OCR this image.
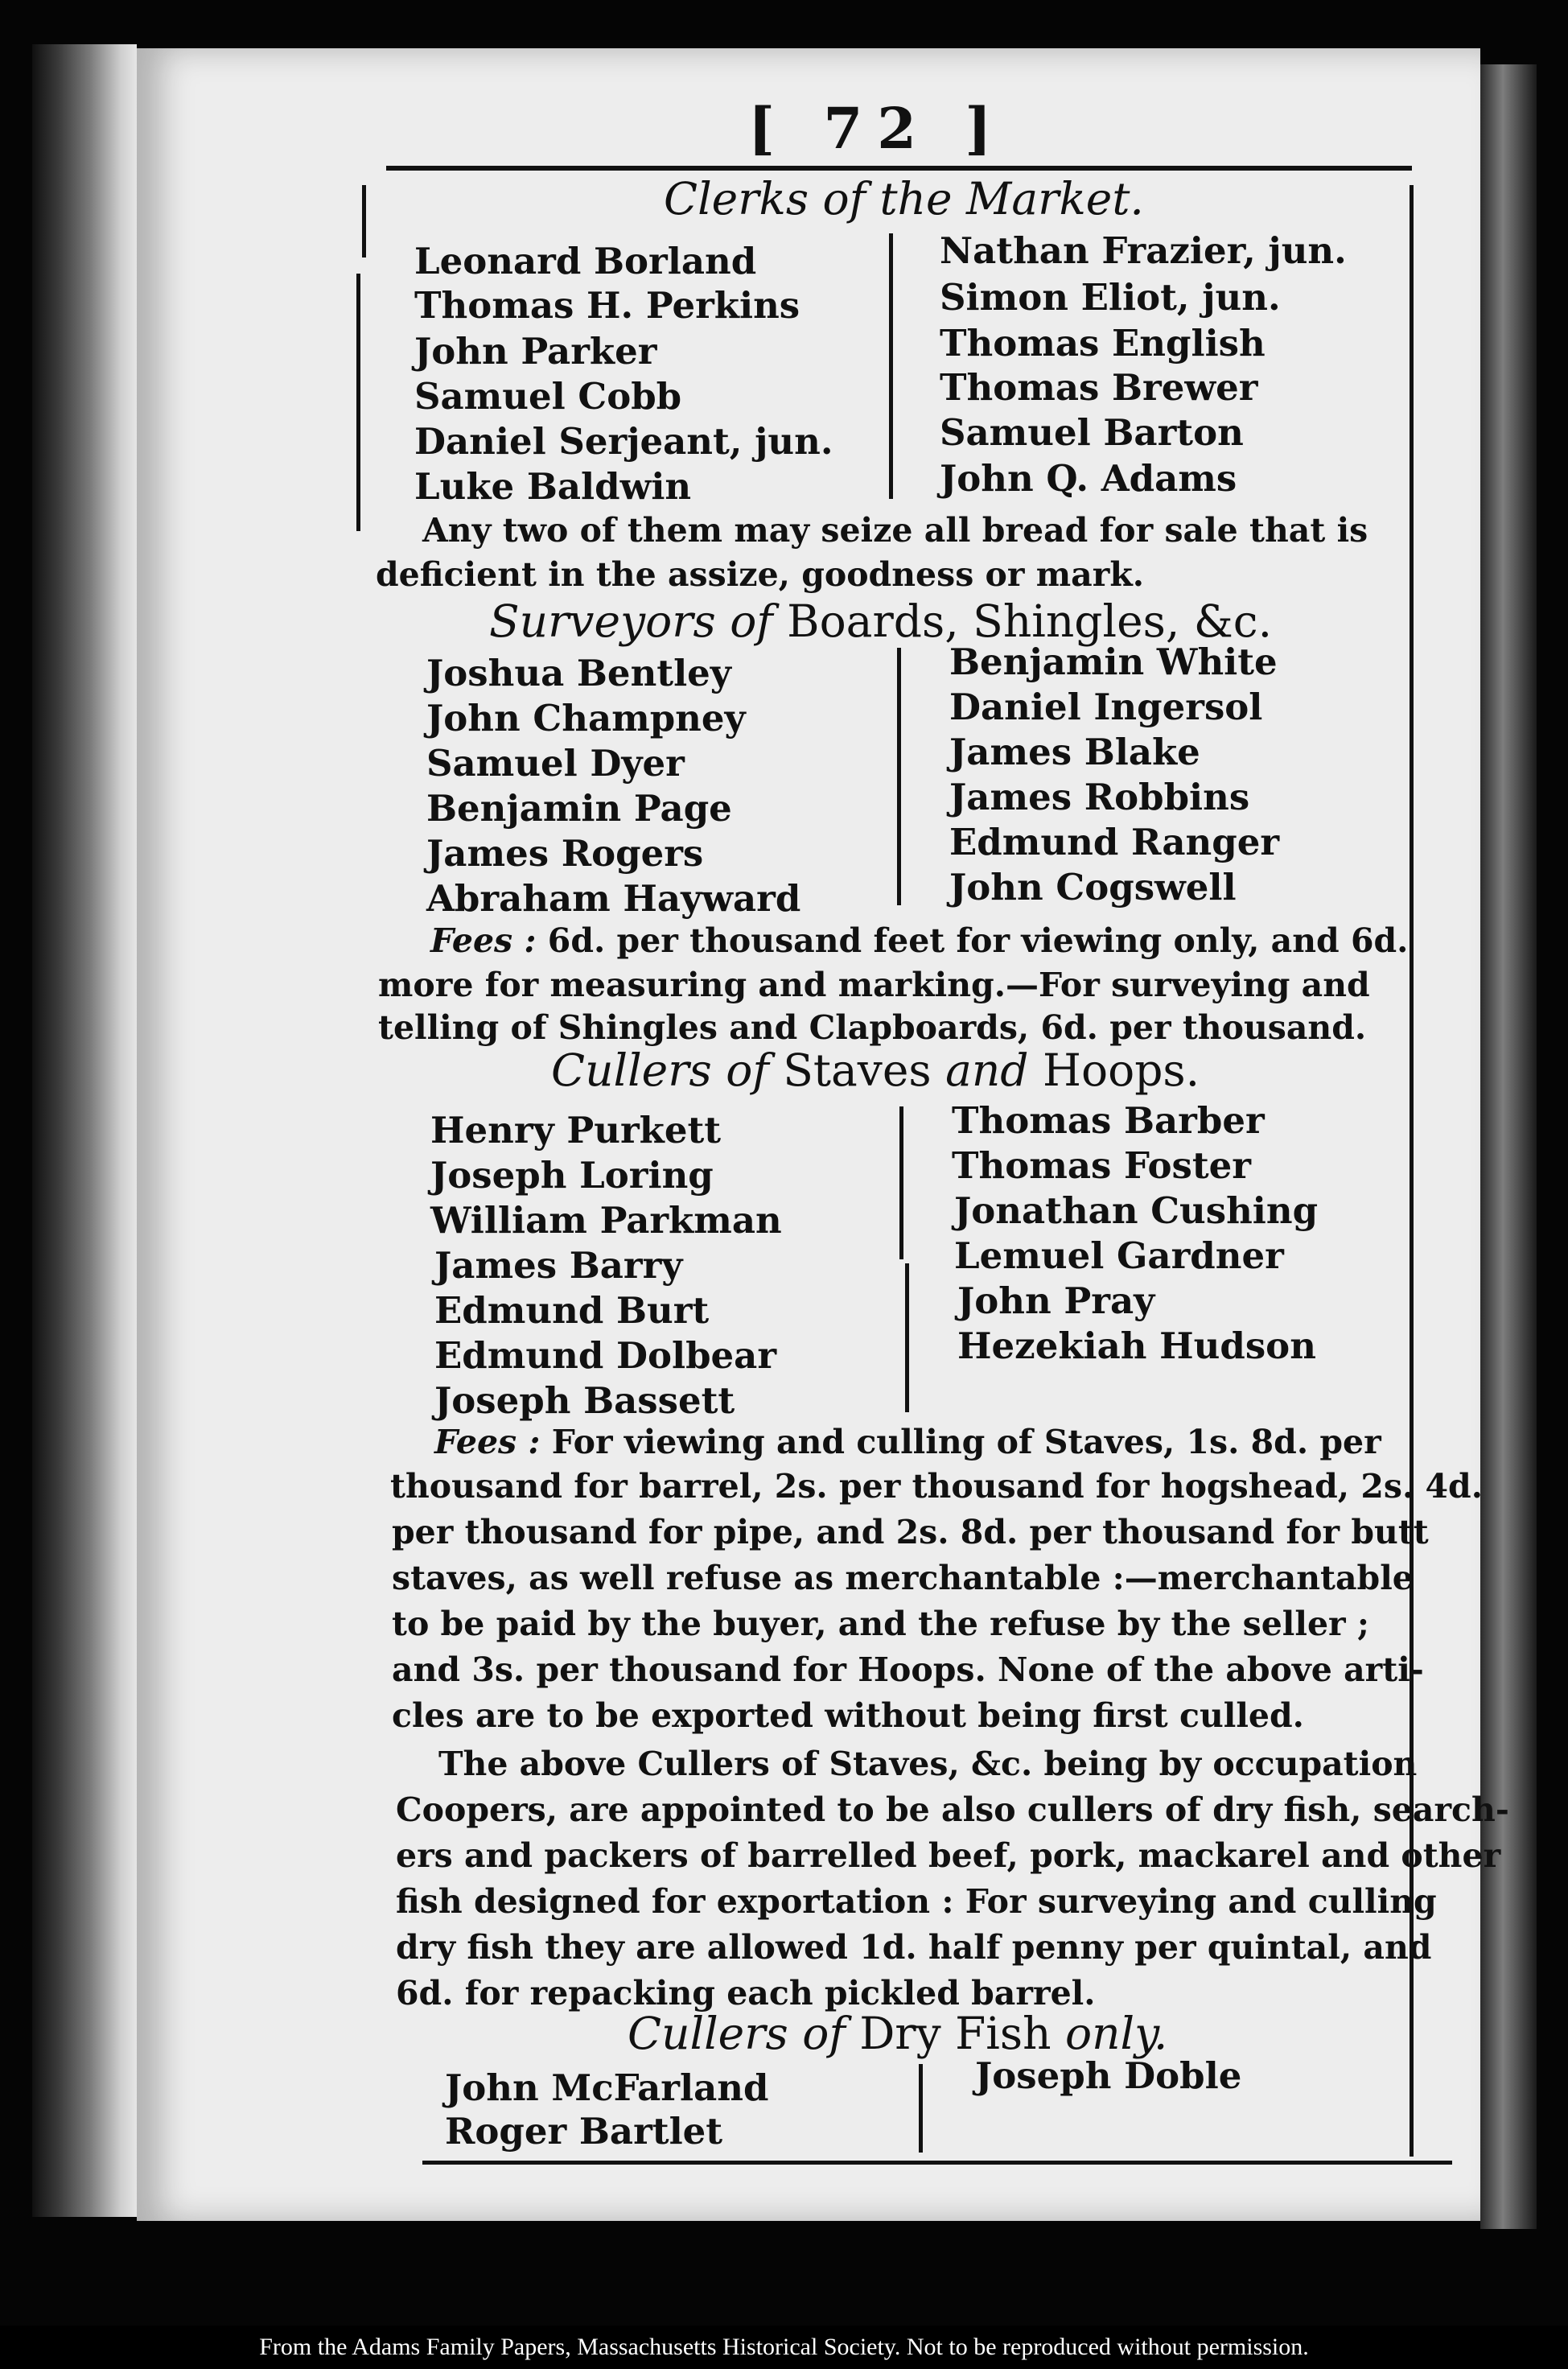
[ 72 ]
Clerks of the Market.
Leonard Borland
Thomas H. Perkins
John Parker
Samuel Cobb
Daniel Serjeant, jun.
Luke Baldwin
Nathan Frazier, jun.
Simon Eliot, jun.
Thomas English
Thomas Brewer
Samuel Barton
John Q. Adams
Any two of them may seize all bread for sale that is
deficient in the assize, goodness or mark.
Surveyors of Boards, Shingles, &c.
Joshua Bentley
John Champney
Samuel Dyer
Benjamin Page
James Rogers
Abraham Hayward
Benjamin White
Daniel Ingersol
James Blake
James Robbins
Edmund Ranger
John Cogswell
Fees : 6d. per thousand feet for viewing only, and 6d.
more for measuring and marking.—For surveying and
telling of Shingles and Clapboards, 6d. per thousand.
Cullers of Staves and Hoops.
Henry Purkett
Joseph Loring
William Parkman
James Barry
Edmund Burt
Edmund Dolbear
Joseph Bassett
Thomas Barber
Thomas Foster
Jonathan Cushing
Lemuel Gardner
John Pray
Hezekiah Hudson
Fees : For viewing and culling of Staves, 1s. 8d. per
thousand for barrel, 2s. per thousand for hogshead, 2s. 4d.
per thousand for pipe, and 2s. 8d. per thousand for butt
staves, as well refuse as merchantable :—merchantable
to be paid by the buyer, and the refuse by the seller ;
and 3s. per thousand for Hoops. None of the above arti-
cles are to be exported without being first culled.
The above Cullers of Staves, &c. being by occupation
Coopers, are appointed to be also cullers of dry fish, search-
ers and packers of barrelled beef, pork, mackarel and other
fish designed for exportation : For surveying and culling
dry fish they are allowed 1d. half penny per quintal, and
6d. for repacking each pickled barrel.
Cullers of Dry Fish only.
John McFarland
Roger Bartlet
Joseph Doble
From the Adams Family Papers, Massachusetts Historical Society. Not to be reproduced without permission.
